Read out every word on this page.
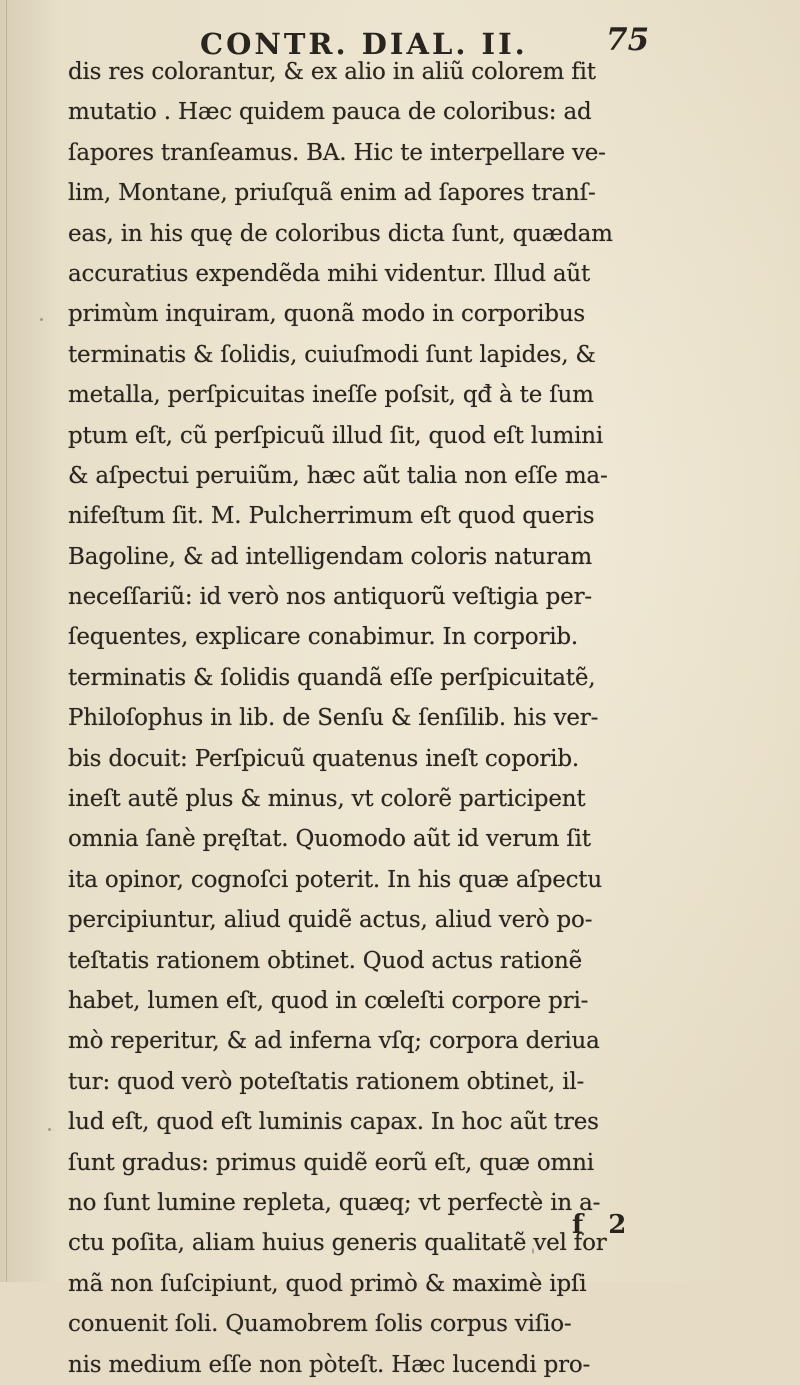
CONTR. DIAL. II.	75
dis res colorantur, & ex alio in aliũ colorem fit
mutatio . Hæc quidem pauca de coloribus: ad
ſapores tranſeamus. BA. Hic te interpellare ve-
lim, Montane, priuſquã enim ad ſapores tranſ-
eas, in his quę de coloribus dicta ſunt, quædam
accuratius expendẽda mihi videntur. Illud aũt
primùm inquiram, quonã modo in corporibus
terminatis & ſolidis, cuiuſmodi ſunt lapides, &
metalla, perſpicuitas ineſſe poſsit, qđ à te ſum
ptum eſt, cũ perſpicuũ illud ſit, quod eſt lumini
& aſpectui peruiũm, hæc aũt talia non eſſe ma-
nifeſtum ſit. M. Pulcherrimum eſt quod queris
Bagoline, & ad intelligendam coloris naturam
neceſſariũ: id verò nos antiquorũ veſtigia per-
ſequentes, explicare conabimur. In corporib.
terminatis & ſolidis quandã eſſe perſpicuitatẽ,
Philoſophus in lib. de Senſu & ſenſilib. his ver-
bis docuit: Perſpicuũ quatenus ineſt coporib.
ineſt autẽ plus & minus, vt colorẽ participent
omnia ſanè pręſtat. Quomodo aũt id verum ſit
ita opinor, cognoſci poterit. In his quæ aſpectu
percipiuntur, aliud quidẽ actus, aliud verò po-
teſtatis rationem obtinet. Quod actus rationẽ
habet, lumen eſt, quod in cœleſti corpore pri-
mò reperitur, & ad inferna vſq; corpora deriua
tur: quod verò poteſtatis rationem obtinet, il-
lud eſt, quod eſt luminis capax. In hoc aũt tres
ſunt gradus: primus quidẽ eorũ eſt, quæ omni
no ſunt lumine repleta, quæq; vt perfectè in a-
ctu poſita, aliam huius generis qualitatẽ vel for
mã non ſuſcipiunt, quod primò & maximè ipſi
conuenit ſoli. Quamobrem ſolis corpus viſio-
nis medium eſſe non pòteſt. Hæc lucendi pro-
f 2
